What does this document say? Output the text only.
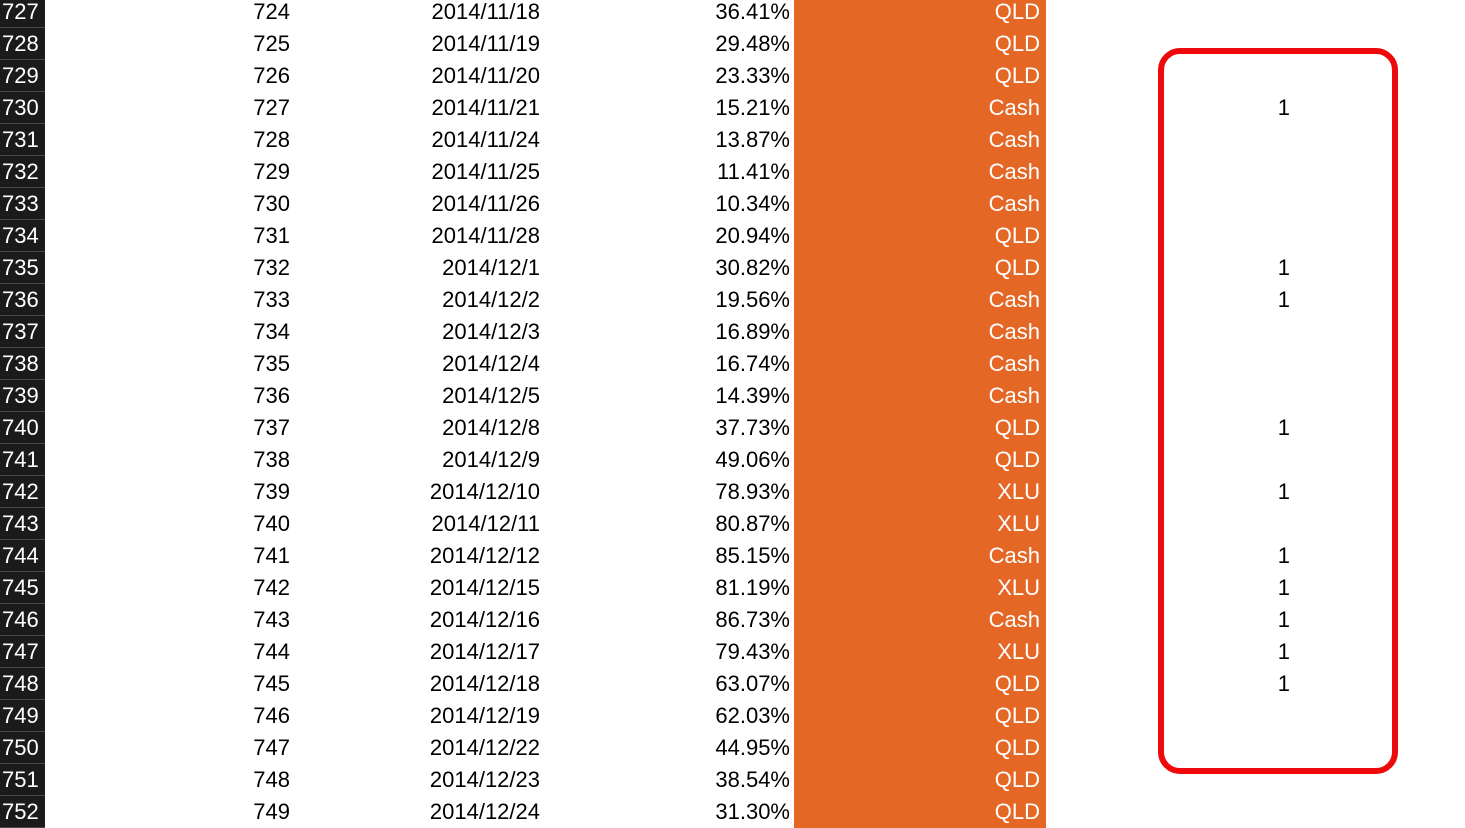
727	724	2014/11/18	36.41%	QLD
728	725	2014/11/19	29.48%	QLD
729	726	2014/11/20	23.33%	QLD
730	727	2014/11/21	15.21%	Cash	1
731	728	2014/11/24	13.87%	Cash
732	729	2014/11/25	11.41%	Cash
733	730	2014/11/26	10.34%	Cash
734	731	2014/11/28	20.94%	QLD
735	732	2014/12/1	30.82%	QLD	1
736	733	2014/12/2	19.56%	Cash	1
737	734	2014/12/3	16.89%	Cash
738	735	2014/12/4	16.74%	Cash
739	736	2014/12/5	14.39%	Cash
740	737	2014/12/8	37.73%	QLD	1
741	738	2014/12/9	49.06%	QLD
742	739	2014/12/10	78.93%	XLU	1
743	740	2014/12/11	80.87%	XLU
744	741	2014/12/12	85.15%	Cash	1
745	742	2014/12/15	81.19%	XLU	1
746	743	2014/12/16	86.73%	Cash	1
747	744	2014/12/17	79.43%	XLU	1
748	745	2014/12/18	63.07%	QLD	1
749	746	2014/12/19	62.03%	QLD
750	747	2014/12/22	44.95%	QLD
751	748	2014/12/23	38.54%	QLD
752	749	2014/12/24	31.30%	QLD
